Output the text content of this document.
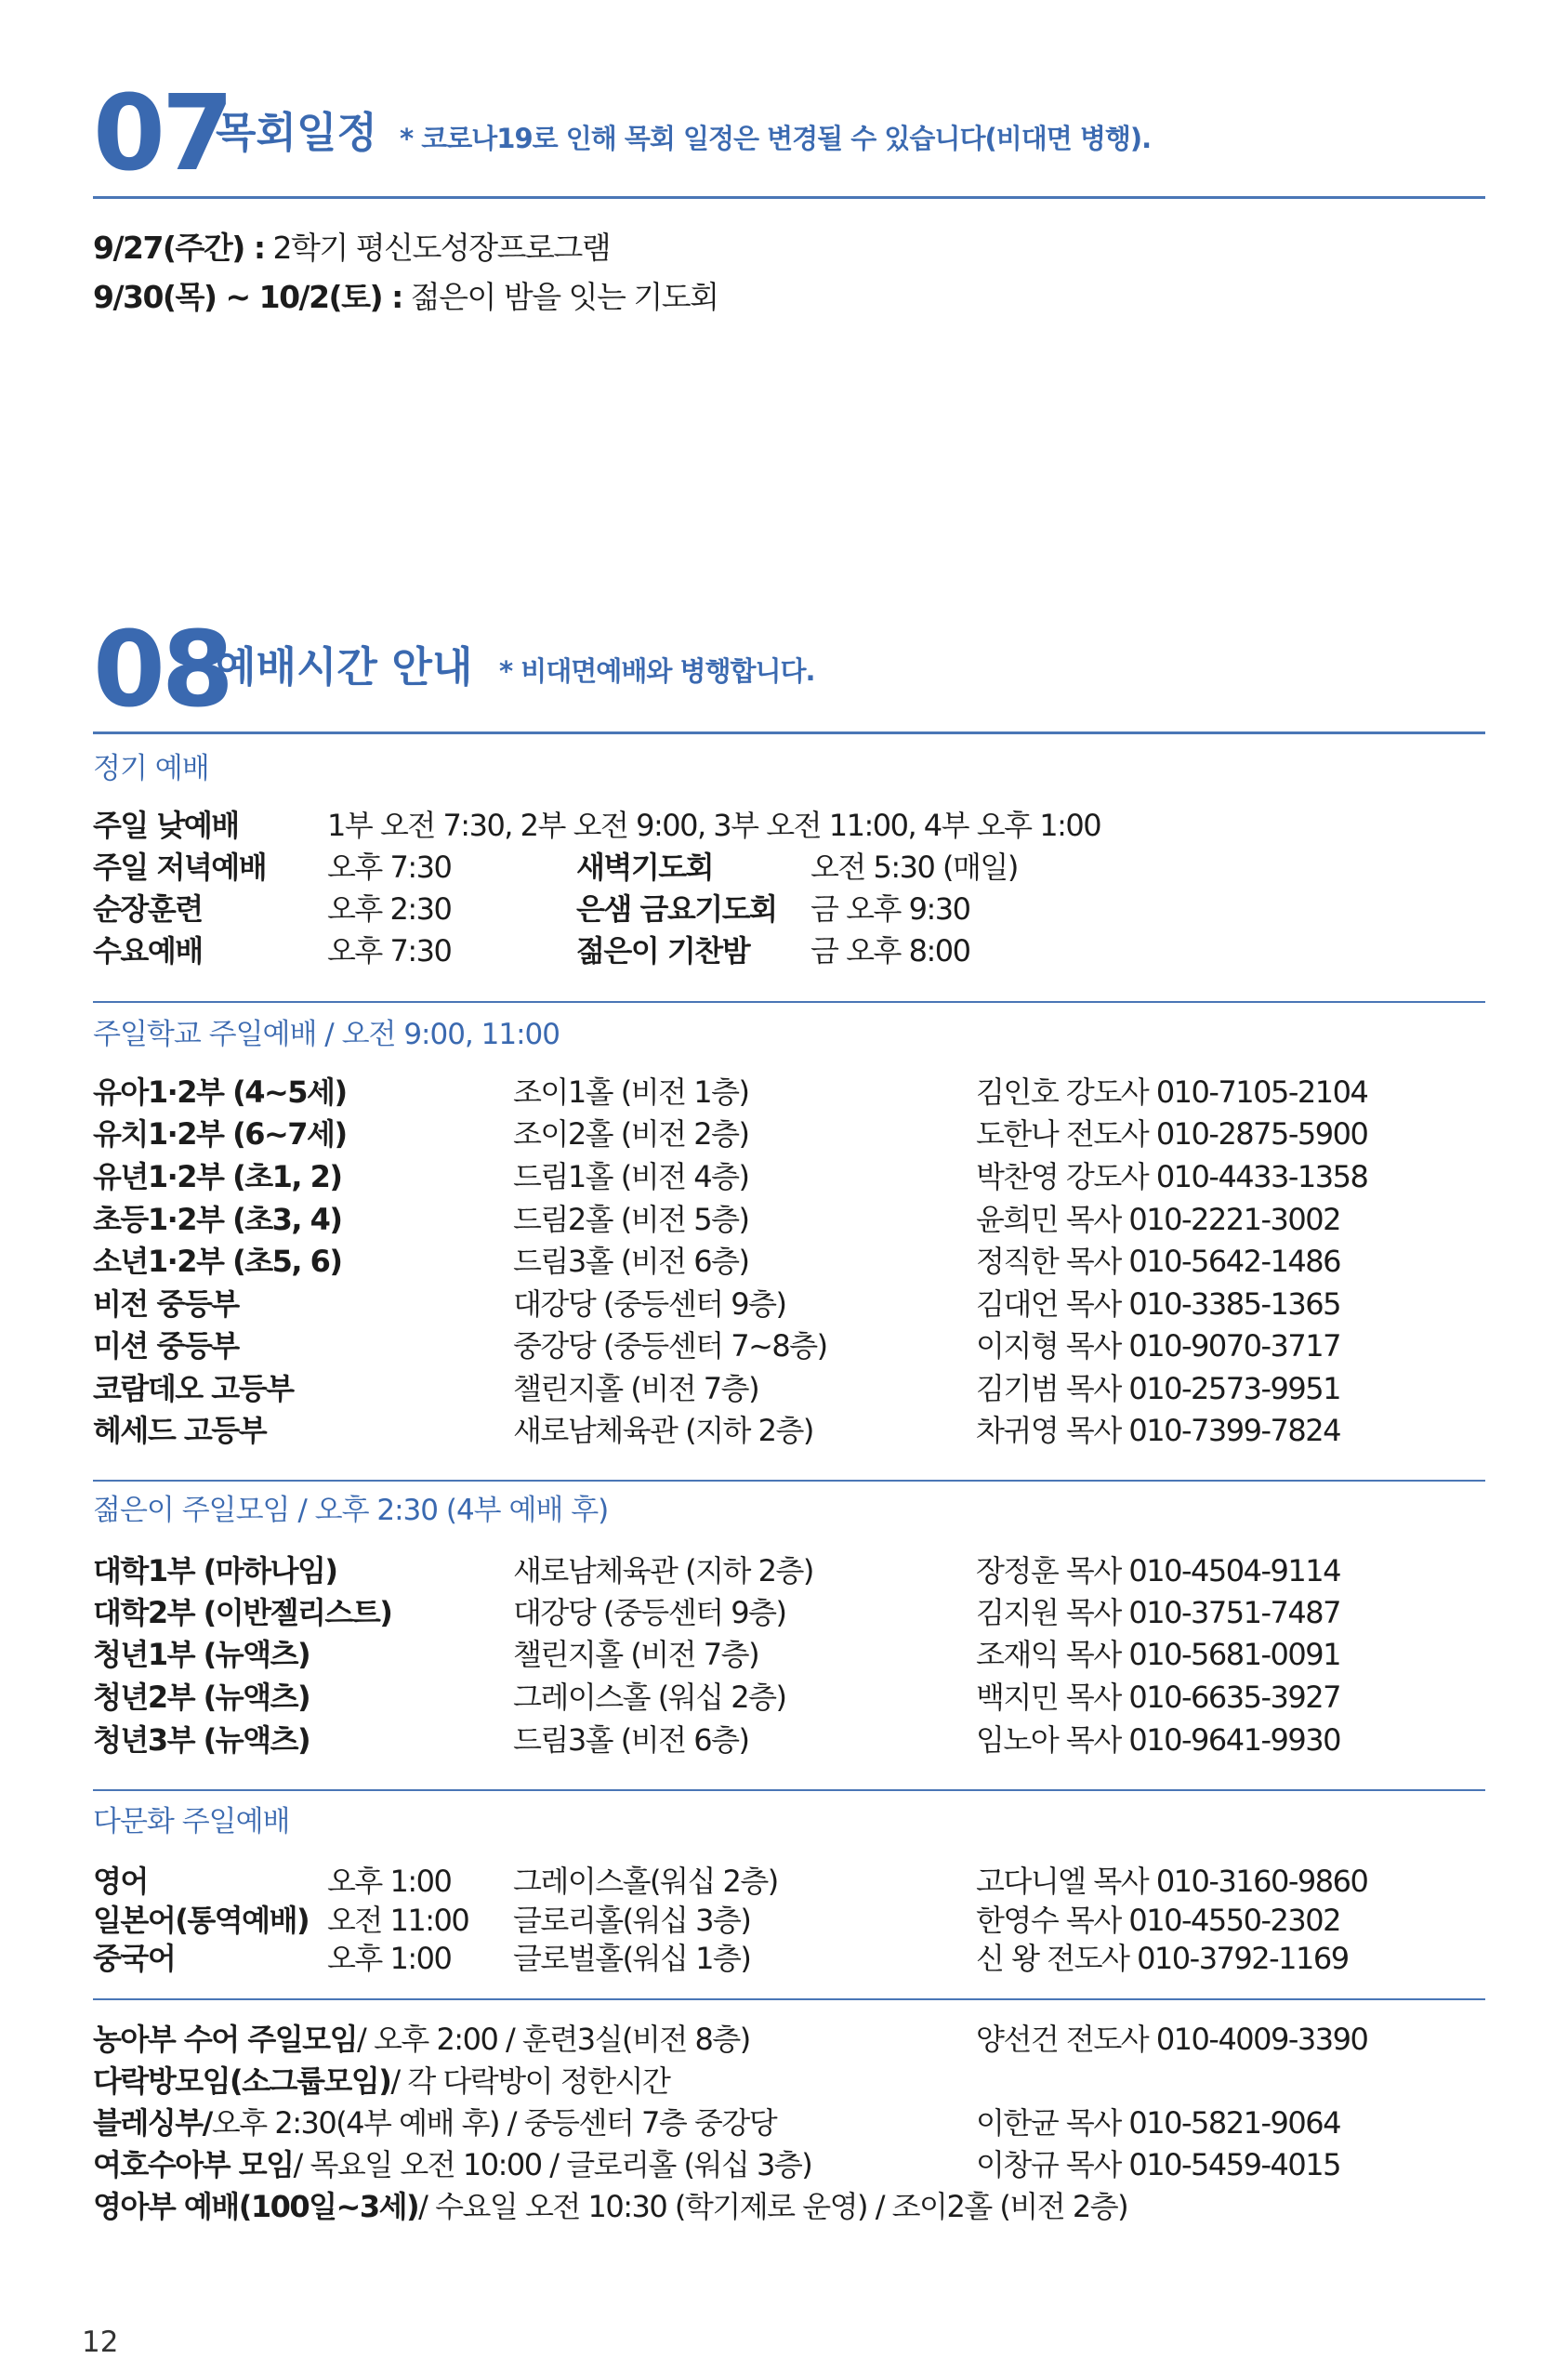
07
목회일정 * 코로나19로 인해 목회 일정은 변경될 수 있습니다(비대면 병행).
9/27(주간) : 2학기 평신도성장프로그램
9/30(목) ~ 10/2(토) : 젊은이 밤을 잇는 기도회
08
예배시간 안내 * 비대면예배와 병행합니다.
정기 예배
주일 낮예배	1부 오전 7:30, 2부 오전 9:00, 3부 오전 11:00, 4부 오후 1:00
주일 저녁예배 오후 7:30	새벽기도회	오전 5:30 (매일)
순장훈련	오후 2:30	은샘 금요기도회 금 오후 9:30
수요예배	오후 7:30	젊은이 기찬밤 금 오후 8:00
주일학교 주일예배 / 오전 9:00, 11:00
유아1·2부 (4~5세)	조이1홀 (비전 1층)	김인호 강도사 010-7105-2104
유치1·2부 (6~7세)	조이2홀 (비전 2층)	도한나 전도사 010-2875-5900
유년1·2부 (초1, 2)	드림1홀 (비전 4층)	박찬영 강도사 010-4433-1358
초등1·2부 (초3, 4)	드림2홀 (비전 5층)	윤희민 목사 010-2221-3002
소년1·2부 (초5, 6)	드림3홀 (비전 6층)	정직한 목사 010-5642-1486
비전 중등부	대강당 (중등센터 9층)	김대언 목사 010-3385-1365
미션 중등부	중강당 (중등센터 7~8층)	이지형 목사 010-9070-3717
코람데오 고등부	챌린지홀 (비전 7층)	김기범 목사 010-2573-9951
헤세드 고등부	새로남체육관 (지하 2층)	차귀영 목사 010-7399-7824
젊은이 주일모임 / 오후 2:30 (4부 예배 후)
대학1부 (마하나임)	새로남체육관 (지하 2층)	장정훈 목사 010-4504-9114
대학2부 (이반젤리스트)	대강당 (중등센터 9층)	김지원 목사 010-3751-7487
청년1부 (뉴액츠)	챌린지홀 (비전 7층)	조재익 목사 010-5681-0091
청년2부 (뉴액츠)	그레이스홀 (워십 2층)	백지민 목사 010-6635-3927
청년3부 (뉴액츠)	드림3홀 (비전 6층)	임노아 목사 010-9641-9930
다문화 주일예배
영어	오후 1:00 그레이스홀(워십 2층)	고다니엘 목사 010-3160-9860
일본어(통역예배) 오전 11:00 글로리홀(워십 3층)	한영수 목사 010-4550-2302
중국어	오후 1:00 글로벌홀(워십 1층)	신 왕 전도사 010-3792-1169
농아부 수어 주일모임 / 오후 2:00 / 훈련3실(비전 8층)	양선건 전도사 010-4009-3390
다락방모임(소그룹모임) / 각 다락방이 정한시간
블레싱부/ 오후 2:30(4부 예배 후) / 중등센터 7층 중강당	이한균 목사 010-5821-9064
여호수아부 모임 / 목요일 오전 10:00 / 글로리홀 (워십 3층)	이창규 목사 010-5459-4015
영아부 예배(100일~3세) / 수요일 오전 10:30 (학기제로 운영) / 조이2홀 (비전 2층)
12
